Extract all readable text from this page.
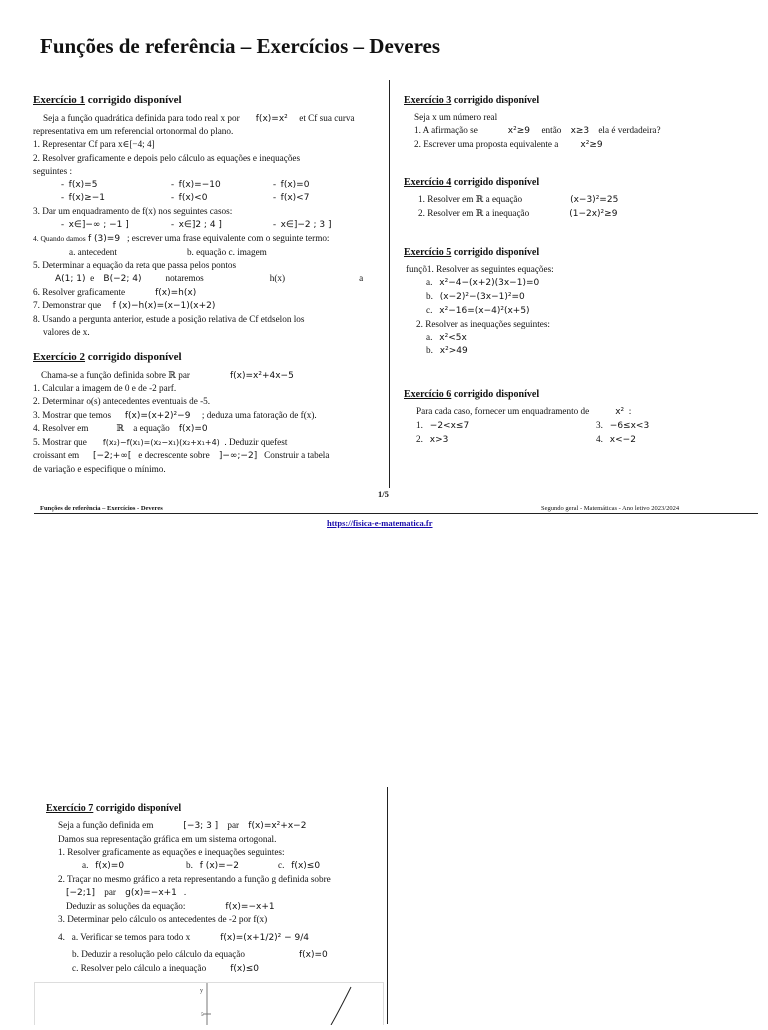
Funções de referência – Exercícios – Deveres
Exercício 1 corrigido disponível
Seja a função quadrática definida para todo real x por f(x)=x² et Cf sua curva
representativa em um referencial ortonormal do plano.
1. Representar Cf para x∈[−4; 4]
2. Resolver graficamente e depois pelo cálculo as equações e inequações
seguintes :
-  f(x)=5	-  f(x)=−10	-  f(x)=0
-  f(x)≥−1	-  f(x)<0	-  f(x)<7
3. Dar um enquadramento de f(x) nos seguintes casos:
-  x∈]−∞ ; −1 ]	-  x∈]2 ; 4 ]	-  x∈]−2 ; 3 ]
4. Quando damos f (3)=9 ; escrever uma frase equivalente com o seguinte termo:
a. antecedent	b. equação c. imagem
5. Determinar a equação da reta que passa pelos pontos
A(1; 1) e B(−2; 4)	notaremos	h(x)	a
6. Resolver graficamente	f(x)=h(x)
7. Demonstrar que f (x)−h(x)=(x−1)(x+2)
8. Usando a pergunta anterior, estude a posição relativa de Cf etdselon los
valores de x.
Exercício 2 corrigido disponível
Chama-se a função definida sobre ℝ par	f(x)=x²+4x−5
1. Calcular a imagem de 0 e de -2 parf.
2. Determinar o(s) antecedentes eventuais de -5.
3. Mostrar que temos f(x)=(x+2)²−9 ; deduza uma fatoração de f(x).
4. Resolver em	ℝ a equação f(x)=0
5. Mostrar que f(x₂)−f(x₁)=(x₂−x₁)(x₂+x₁+4) . Deduzir quefest
croissant em [−2;+∞[ e decrescente sobre ]−∞;−2] Construir a tabela
de variação e especifique o mínimo.
Exercício 3 corrigido disponível
Seja x um número real
1. A afirmação se	x²≥9 então x≥3 ela é verdadeira?
2. Escrever uma proposta equivalente a x²≥9
Exercício 4 corrigido disponível
1. Resolver em ℝ a equação	(x−3)²=25
2. Resolver em ℝ a inequação	(1−2x)²≥9
Exercício 5 corrigido disponível
funçõ1. Resolver as seguintes equações:
a. x²−4−(x+2)(3x−1)=0
b. (x−2)²−(3x−1)²=0
c. x²−16=(x−4)²(x+5)
2. Resolver as inequações seguintes:
a. x²<5x
b. x²>49
Exercício 6 corrigido disponível
Para cada caso, fornecer um enquadramento de	x² :
1. −2<x≤7	3. −6≤x<3
2. x>3	4. x<−2
1/5
Funções de referência – Exercícios - Deveres	Segundo geral - Matemáticas - Ano letivo 2023/2024
https://fisica-e-matematica.fr
Exercício 7 corrigido disponível
Seja a função definida em	[−3; 3 ] par f(x)=x²+x−2
Damos sua representação gráfica em um sistema ortogonal.
1. Resolver graficamente as equações e inequações seguintes:
a. f(x)=0	b. f (x)=−2	c. f(x)≤0
2. Traçar no mesmo gráfico a reta representando a função g definida sobre
[−2;1] par g(x)=−x+1 .
Deduzir as soluções da equação:	f(x)=−x+1
3. Determinar pelo cálculo os antecedentes de -2 por f(x)
4. a. Verificar se temos para todo x	f(x)=(x+1/2)² − 9/4
b. Deduzir a resolução pelo cálculo da equação	f(x)=0
c. Resolver pelo cálculo a inequação	f(x)≤0
y
5
